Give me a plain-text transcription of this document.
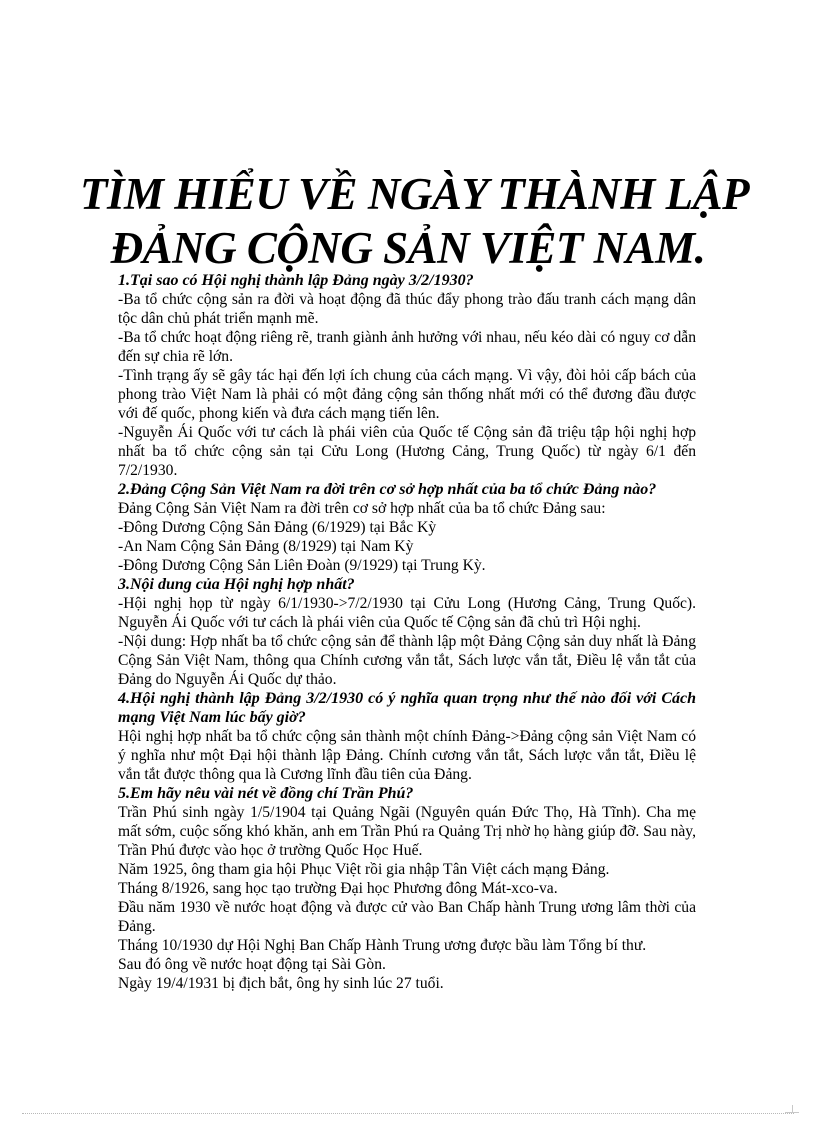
TÌM HIỂU VỀ NGÀY THÀNH LẬP
ĐẢNG CỘNG SẢN VIỆT NAM.

1.Tại sao có Hội nghị thành lập Đảng ngày 3/2/1930?

-Ba tổ chức cộng sản ra đời và hoạt động đã thúc đẩy phong trào đấu tranh cách mạng dân tộc dân chủ phát triển mạnh mẽ.

-Ba tổ chức hoạt động riêng rẽ, tranh giành ảnh hưởng với nhau, nếu kéo dài có nguy cơ dẫn đến sự chia rẽ lớn.

-Tình trạng ấy sẽ gây tác hại đến lợi ích chung của cách mạng. Vì vậy, đòi hỏi cấp bách của phong trào Việt Nam là phải có một đảng cộng sản thống nhất mới có thể đương đầu được với đế quốc, phong kiến và đưa cách mạng tiến lên.

-Nguyễn Ái Quốc với tư cách là phái viên của Quốc tế Cộng sản đã triệu tập hội nghị hợp nhất ba tổ chức cộng sản tại Cửu Long (Hương Cảng, Trung Quốc) từ ngày 6/1 đến 7/2/1930.

2.Đảng Cộng Sản Việt Nam ra đời trên cơ sở hợp nhất của ba tổ chức Đảng nào?

Đảng Cộng Sản Việt Nam ra đời trên cơ sở hợp nhất của ba tổ chức Đảng sau:

-Đông Dương Cộng Sản Đảng (6/1929) tại Bắc Kỳ

-An Nam Cộng Sản Đảng (8/1929) tại Nam Kỳ

-Đông Dương Cộng Sản Liên Đoàn (9/1929) tại Trung Kỳ.

3.Nội dung của Hội nghị hợp nhất?

-Hội nghị họp từ ngày 6/1/1930->7/2/1930 tại Cửu Long (Hương Cảng, Trung Quốc). Nguyễn Ái Quốc với tư cách là phái viên của Quốc tế Cộng sản đã chủ trì Hội nghị.

-Nội dung: Hợp nhất ba tổ chức cộng sản để thành lập một Đảng Cộng sản duy nhất là Đảng Cộng Sản Việt Nam, thông qua Chính cương vắn tắt, Sách lược vắn tắt, Điều lệ vắn tắt của Đảng do Nguyễn Ái Quốc dự thảo.

4.Hội nghị thành lập Đảng 3/2/1930 có ý nghĩa quan trọng như thế nào đối với Cách mạng Việt Nam lúc bấy giờ?

Hội nghị hợp nhất ba tổ chức cộng sản thành một chính Đảng->Đảng cộng sản Việt Nam có ý nghĩa như một Đại hội thành lập Đảng. Chính cương vắn tắt, Sách lược vắn tắt, Điều lệ vắn tắt được thông qua là Cương lĩnh đầu tiên của Đảng.

5.Em hãy nêu vài nét về đồng chí Trần Phú?

Trần Phú sinh ngày 1/5/1904 tại Quảng Ngãi (Nguyên quán Đức Thọ, Hà Tĩnh). Cha mẹ mất sớm, cuộc sống khó khăn, anh em Trần Phú ra Quảng Trị nhờ họ hàng giúp đỡ. Sau này, Trần Phú được vào học ở trường Quốc Học Huế.

Năm 1925, ông tham gia hội Phục Việt rồi gia nhập Tân Việt cách mạng Đảng.

Tháng 8/1926, sang học tạo trường Đại học Phương đông Mát-xco-va.

Đầu năm 1930 về nước hoạt động và được cử vào Ban Chấp hành Trung ương lâm thời của Đảng.

Tháng 10/1930 dự Hội Nghị Ban Chấp Hành Trung ương được bầu làm Tổng bí thư.

Sau đó ông về nước hoạt động tại Sài Gòn.

Ngày 19/4/1931 bị địch bắt, ông hy sinh lúc 27 tuổi.
